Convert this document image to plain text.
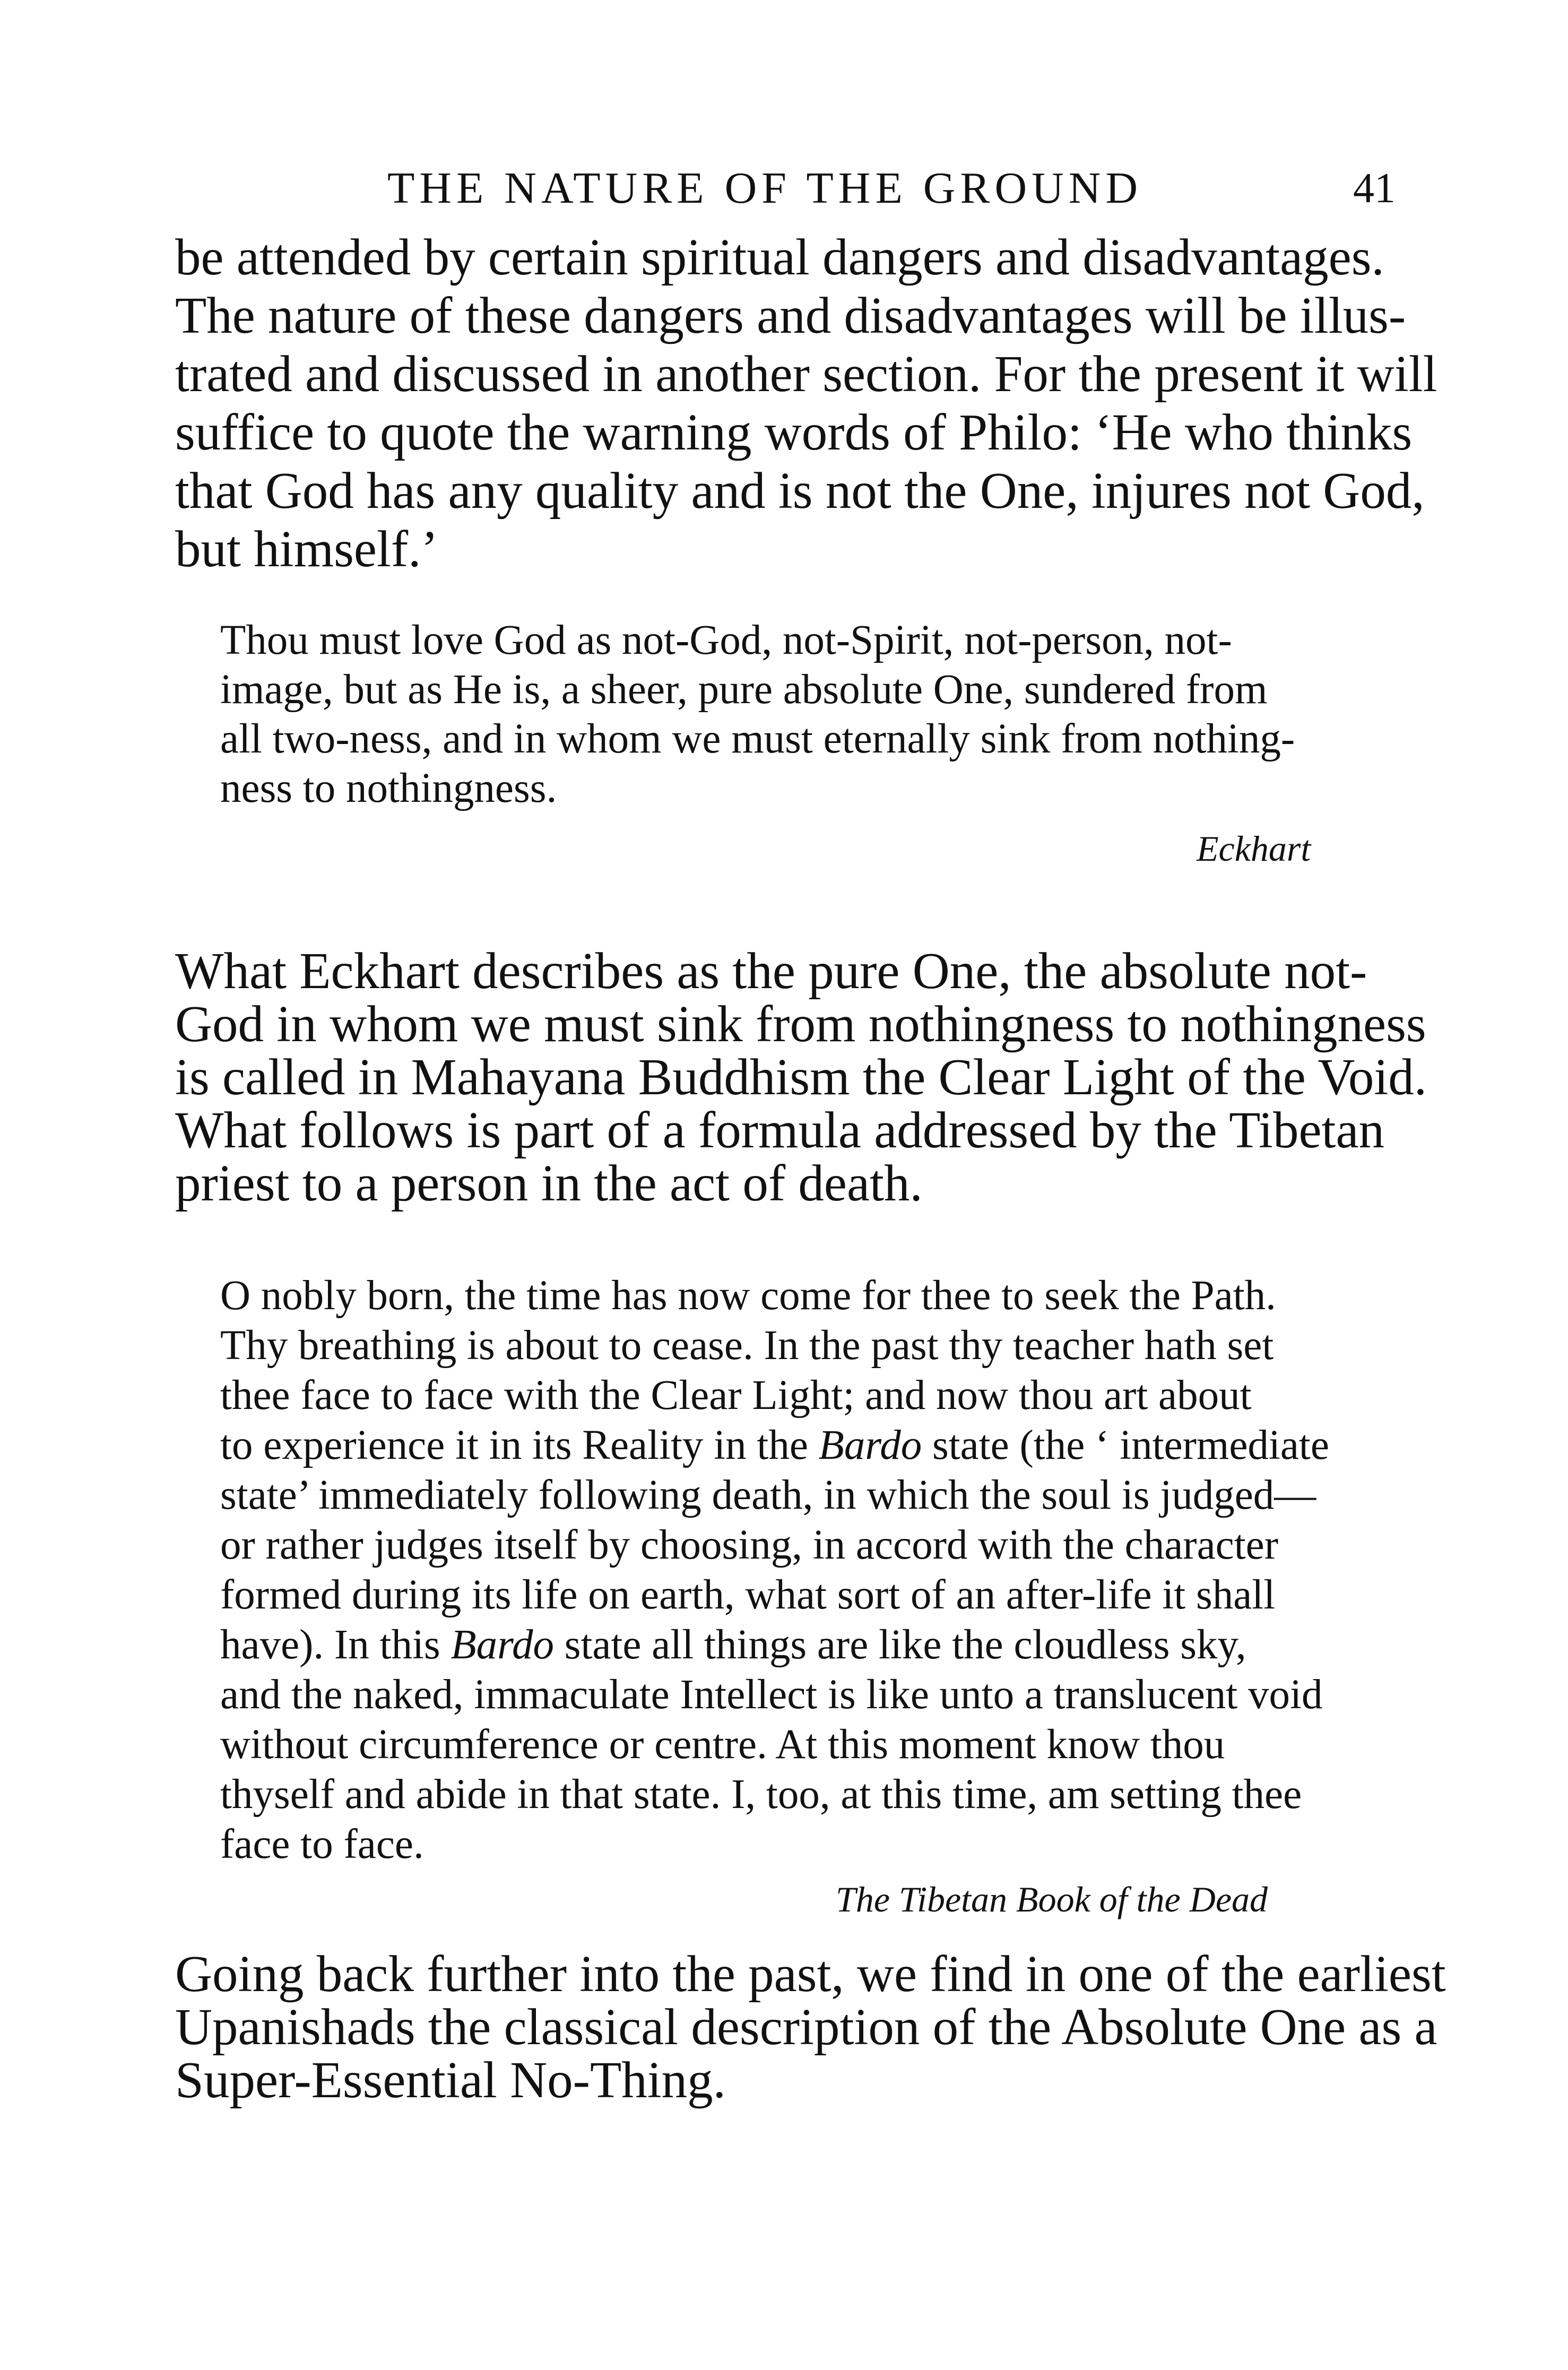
THE NATURE OF THE GROUND	41
be attended by certain spiritual dangers and disadvantages.
The nature of these dangers and disadvantages will be illus-
trated and discussed in another section. For the present it will
suffice to quote the warning words of Philo: ‘He who thinks
that God has any quality and is not the One, injures not God,
but himself.’
Thou must love God as not-God, not-Spirit, not-person, not-
image, but as He is, a sheer, pure absolute One, sundered from
all two-ness, and in whom we must eternally sink from nothing-
ness to nothingness.
Eckhart
What Eckhart describes as the pure One, the absolute not-
God in whom we must sink from nothingness to nothingness
is called in Mahayana Buddhism the Clear Light of the Void.
What follows is part of a formula addressed by the Tibetan
priest to a person in the act of death.
O nobly born, the time has now come for thee to seek the Path.
Thy breathing is about to cease. In the past thy teacher hath set
thee face to face with the Clear Light; and now thou art about
to experience it in its Reality in the Bardo state (the ‘ intermediate
state’ immediately following death, in which the soul is judged—
or rather judges itself by choosing, in accord with the character
formed during its life on earth, what sort of an after-life it shall
have). In this Bardo state all things are like the cloudless sky,
and the naked, immaculate Intellect is like unto a translucent void
without circumference or centre. At this moment know thou
thyself and abide in that state. I, too, at this time, am setting thee
face to face.
The Tibetan Book of the Dead
Going back further into the past, we find in one of the earliest
Upanishads the classical description of the Absolute One as a
Super-Essential No-Thing.
